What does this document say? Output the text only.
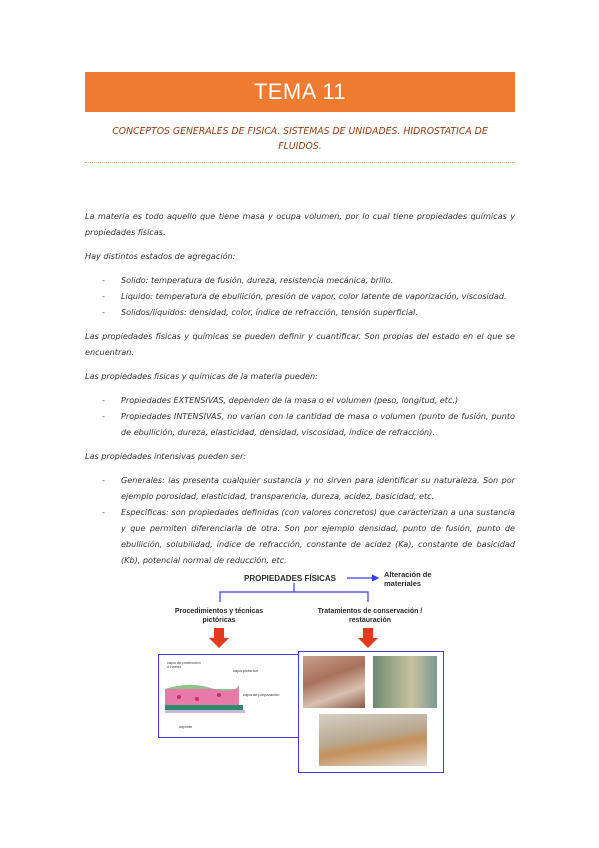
TEMA 11
CONCEPTOS GENERALES DE FISICA. SISTEMAS DE UNIDADES. HIDROSTATICA DE FLUIDOS.

La materia es todo aquello que tiene masa y ocupa volumen, por lo cual tiene propiedades químicas y propiedades físicas.

Hay distintos estados de agregación:

- Solido: temperatura de fusión, dureza, resistencia mecánica, brillo.
- Liquido: temperatura de ebullición, presión de vapor, color latente de vaporización, viscosidad.
- Solidos/líquidos: densidad, color, índice de refracción, tensión superficial.

Las propiedades físicas y químicas se pueden definir y cuantificar. Son propias del estado en el que se encuentran.

Las propiedades físicas y químicas de la materia pueden:

- Propiedades EXTENSIVAS, dependen de la masa o el volumen (peso, longitud, etc.)
- Propiedades INTENSIVAS, no varían con la cantidad de masa o volumen (punto de fusión, punto de ebullición, dureza, elasticidad, densidad, viscosidad, índice de refracción).

Las propiedades intensivas pueden ser:

- Generales: las presenta cualquier sustancia y no sirven para identificar su naturaleza. Son por ejemplo porosidad, elasticidad, transparencia, dureza, acidez, basicidad, etc.
- Especificas: son propiedades definidas (con valores concretos) que caracterizan a una sustancia y que permiten diferenciarla de otra. Son por ejemplo densidad, punto de fusión, punto de ebullición, solubilidad, índice de refracción, constante de acidez (Ka), constante de basicidad (Kb), potencial normal de reducción, etc.
PROPIEDADES FÍSICAS	Alteración de materiales
Procedimientos y técnicas pictóricas
Tratamientos de conservación / restauración
capa de protección o barniz
capa pictórica
capa de preparación
soporte
